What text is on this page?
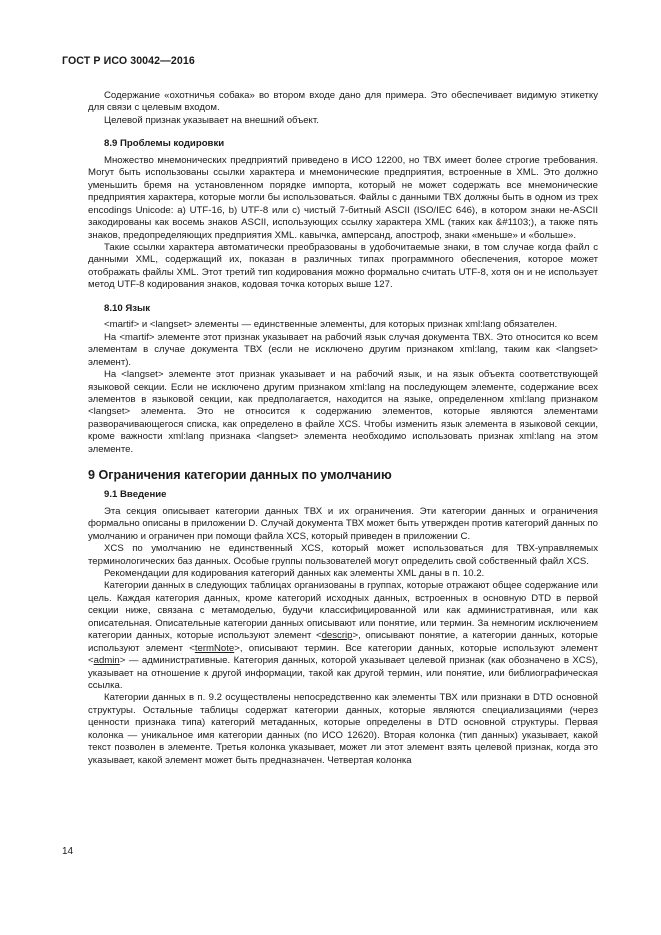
ГОСТ Р ИСО 30042—2016

Содержание «охотничья собака» во втором входе дано для примера. Это обеспечивает видимую этикетку для связи с целевым входом.

Целевой признак указывает на внешний объект.

8.9 Проблемы кодировки

Множество мнемонических предприятий приведено в ИСО 12200, но ТВХ имеет более строгие требования. Могут быть использованы ссылки характера и мнемонические предприятия, встроенные в XML. Это должно уменьшить бремя на установленном порядке импорта, который не может содержать все мнемонические предприятия характера, которые могли бы использоваться. Файлы с данными ТВХ должны быть в одном из трех encodings Unicode: a) UTF-16, b) UTF-8 или c) чистый 7-битный ASCII (ISO/IEC 646), в котором знаки не-ASCII закодированы как восемь знаков ASCII, использующих ссылку характера XML (таких как &#1103;), а также пять знаков, предопределяющих предприятия XML. кавычка, амперсанд, апостроф, знаки «меньше» и «больше».

Такие ссылки характера автоматически преобразованы в удобочитаемые знаки, в том случае когда файл с данными XML, содержащий их, показан в различных типах программного обеспечения, которое может отображать файлы XML. Этот третий тип кодирования можно формально считать UTF-8, хотя он и не использует метод UTF-8 кодирования знаков, кодовая точка которых выше 127.

8.10 Язык

<martif> и <langset> элементы — единственные элементы, для которых признак xml:lang обязателен.

На <martif> элементе этот признак указывает на рабочий язык случая документа ТВХ. Это относится ко всем элементам в случае документа ТВХ (если не исключено другим признаком xml:lang, таким как <langset> элемент).

На <langset> элементе этот признак указывает и на рабочий язык, и на язык объекта соответствующей языковой секции. Если не исключено другим признаком xml:lang на последующем элементе, содержание всех элементов в языковой секции, как предполагается, находится на языке, определенном xml:lang признаком <langset> элемента. Это не относится к содержанию элементов, которые являются элементами разворачивающегося списка, как определено в файле XCS. Чтобы изменить язык элемента в языковой секции, кроме важности xml:lang признака <langset> элемента необходимо использовать признак xml:lang на этом элементе.

9 Ограничения категории данных по умолчанию
9.1 Введение

Эта секция описывает категории данных ТВХ и их ограничения. Эти категории данных и ограничения формально описаны в приложении D. Случай документа ТВХ может быть утвержден против категорий данных по умолчанию и ограничен при помощи файла XCS, который приведен в приложении С.

XCS по умолчанию не единственный XCS, который может использоваться для ТВХ-управляемых терминологических баз данных. Особые группы пользователей могут определить свой собственный файл XCS.

Рекомендации для кодирования категорий данных как элементы XML даны в п. 10.2.

Категории данных в следующих таблицах организованы в группах, которые отражают общее содержание или цель. Каждая категория данных, кроме категорий исходных данных, встроенных в основную DTD в первой секции ниже, связана с метамоделью, будучи классифицированной или как административная, или как описательная. Описательные категории данных описывают или понятие, или термин. За немногим исключением категории данных, которые используют элемент <descrip>, описывают понятие, а категории данных, которые используют элемент <termNote>, описывают термин. Все категории данных, которые используют элемент <admin> — административные. Категория данных, которой указывает целевой признак (как обозначено в XCS), указывает на отношение к другой информации, такой как другой термин, или понятие, или библиографическая ссылка.

Категории данных в п. 9.2 осуществлены непосредственно как элементы ТВХ или признаки в DTD основной структуры. Остальные таблицы содержат категории данных, которые являются специализациями (через ценности признака типа) категорий метаданных, которые определены в DTD основной структуры. Первая колонка — уникальное имя категории данных (по ИСО 12620). Вторая колонка (тип данных) указывает, какой текст позволен в элементе. Третья колонка указывает, может ли этот элемент взять целевой признак, когда это указывает, какой элемент может быть предназначен. Четвертая колонка

14
